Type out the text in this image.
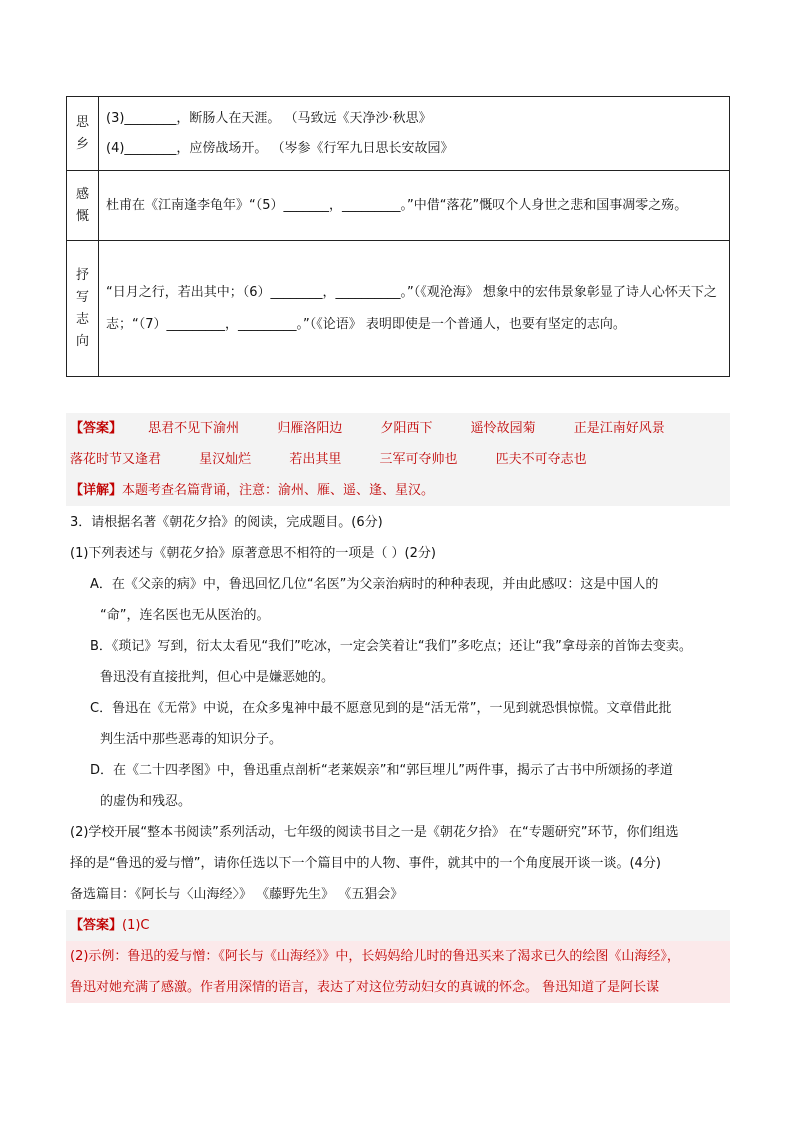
思
乡	(3)________，断肠人在天涯。 （马致远《天净沙·秋思》
(4)________，应傍战场开。 （岑参《行军九日思长安故园》

感
慨	杜甫在《江南逢李龟年》“（5）_______，_________。”中借“落花”慨叹个人身世之悲和国事凋零之殇。

抒
写
志
向	“日月之行，若出其中；（6）________，__________。”（《观沧海》 想象中的宏伟景象彰显了诗人心怀天下之志；“（7）_________，_________。”（《论语》 表明即使是一个普通人，也要有坚定的志向。
【答案】 思君不见下渝州	归雁洛阳边	夕阳西下	遥怜故园菊	正是江南好风景
落花时节又逢君	星汉灿烂	若出其里	三军可夺帅也	匹夫不可夺志也
【详解】本题考查名篇背诵，注意：渝州、雁、遥、逢、星汉。
3．请根据名著《朝花夕拾》的阅读，完成题目。(6分)
(1)下列表述与《朝花夕拾》原著意思不相符的一项是（ ）(2分)
A．在《父亲的病》中，鲁迅回忆几位“名医”为父亲治病时的种种表现，并由此感叹：这是中国人的
“命”，连名医也无从医治的。
B．《琐记》写到，衍太太看见“我们”吃冰，一定会笑着让“我们”多吃点；还让“我”拿母亲的首饰去变卖。
鲁迅没有直接批判，但心中是嫌恶她的。
C．鲁迅在《无常》中说，在众多鬼神中最不愿意见到的是“活无常”，一见到就恐惧惊慌。文章借此批
判生活中那些恶毒的知识分子。
D．在《二十四孝图》中，鲁迅重点剖析“老莱娱亲”和“郭巨埋儿”两件事，揭示了古书中所颂扬的孝道
的虚伪和残忍。
(2)学校开展“整本书阅读”系列活动，七年级的阅读书目之一是《朝花夕拾》 在“专题研究”环节，你们组选
择的是“鲁迅的爱与憎”，请你任选以下一个篇目中的人物、事件，就其中的一个角度展开谈一谈。(4分)
备选篇目：《阿长与〈山海经〉》 《藤野先生》 《五猖会》
【答案】(1)C
(2)示例：鲁迅的爱与憎：《阿长与《山海经》》中，长妈妈给儿时的鲁迅买来了渴求已久的绘图《山海经》，
鲁迅对她充满了感激。作者用深情的语言，表达了对这位劳动妇女的真诚的怀念。 鲁迅知道了是阿长谋
